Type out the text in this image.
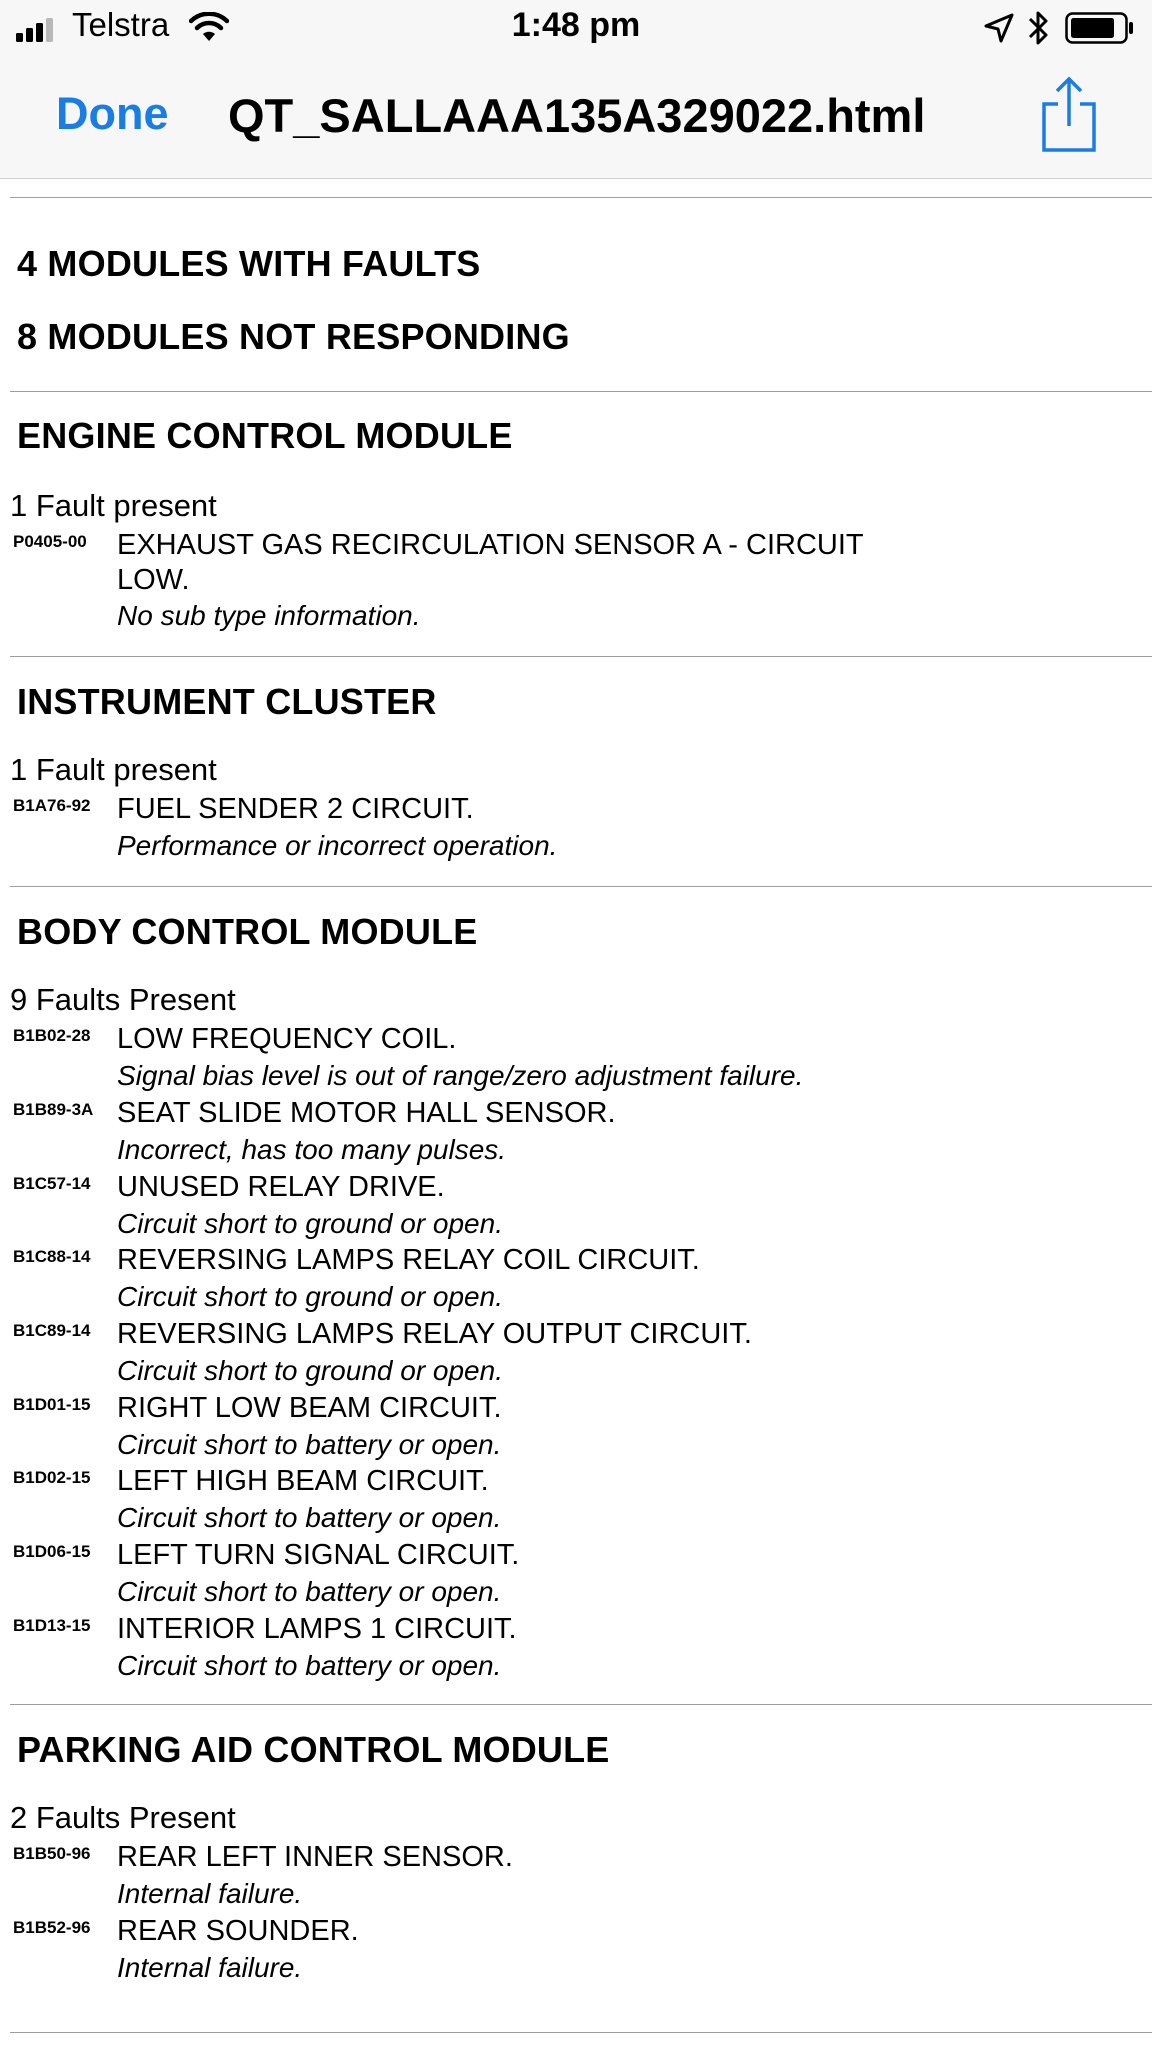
Telstra	1:48 pm
Done QT_SALLAAA135A329022.html
4 MODULES WITH FAULTS
8 MODULES NOT RESPONDING
ENGINE CONTROL MODULE
1 Fault present
P0405-00 EXHAUST GAS RECIRCULATION SENSOR A - CIRCUIT
LOW.
No sub type information.
INSTRUMENT CLUSTER
1 Fault present
B1A76-92 FUEL SENDER 2 CIRCUIT.
Performance or incorrect operation.
BODY CONTROL MODULE
9 Faults Present
B1B02-28 LOW FREQUENCY COIL.
Signal bias level is out of range/zero adjustment failure.
B1B89-3A SEAT SLIDE MOTOR HALL SENSOR.
Incorrect, has too many pulses.
B1C57-14 UNUSED RELAY DRIVE.
Circuit short to ground or open.
B1C88-14 REVERSING LAMPS RELAY COIL CIRCUIT.
Circuit short to ground or open.
B1C89-14 REVERSING LAMPS RELAY OUTPUT CIRCUIT.
Circuit short to ground or open.
B1D01-15 RIGHT LOW BEAM CIRCUIT.
Circuit short to battery or open.
B1D02-15 LEFT HIGH BEAM CIRCUIT.
Circuit short to battery or open.
B1D06-15 LEFT TURN SIGNAL CIRCUIT.
Circuit short to battery or open.
B1D13-15 INTERIOR LAMPS 1 CIRCUIT.
Circuit short to battery or open.
PARKING AID CONTROL MODULE
2 Faults Present
B1B50-96 REAR LEFT INNER SENSOR.
Internal failure.
B1B52-96 REAR SOUNDER.
Internal failure.
